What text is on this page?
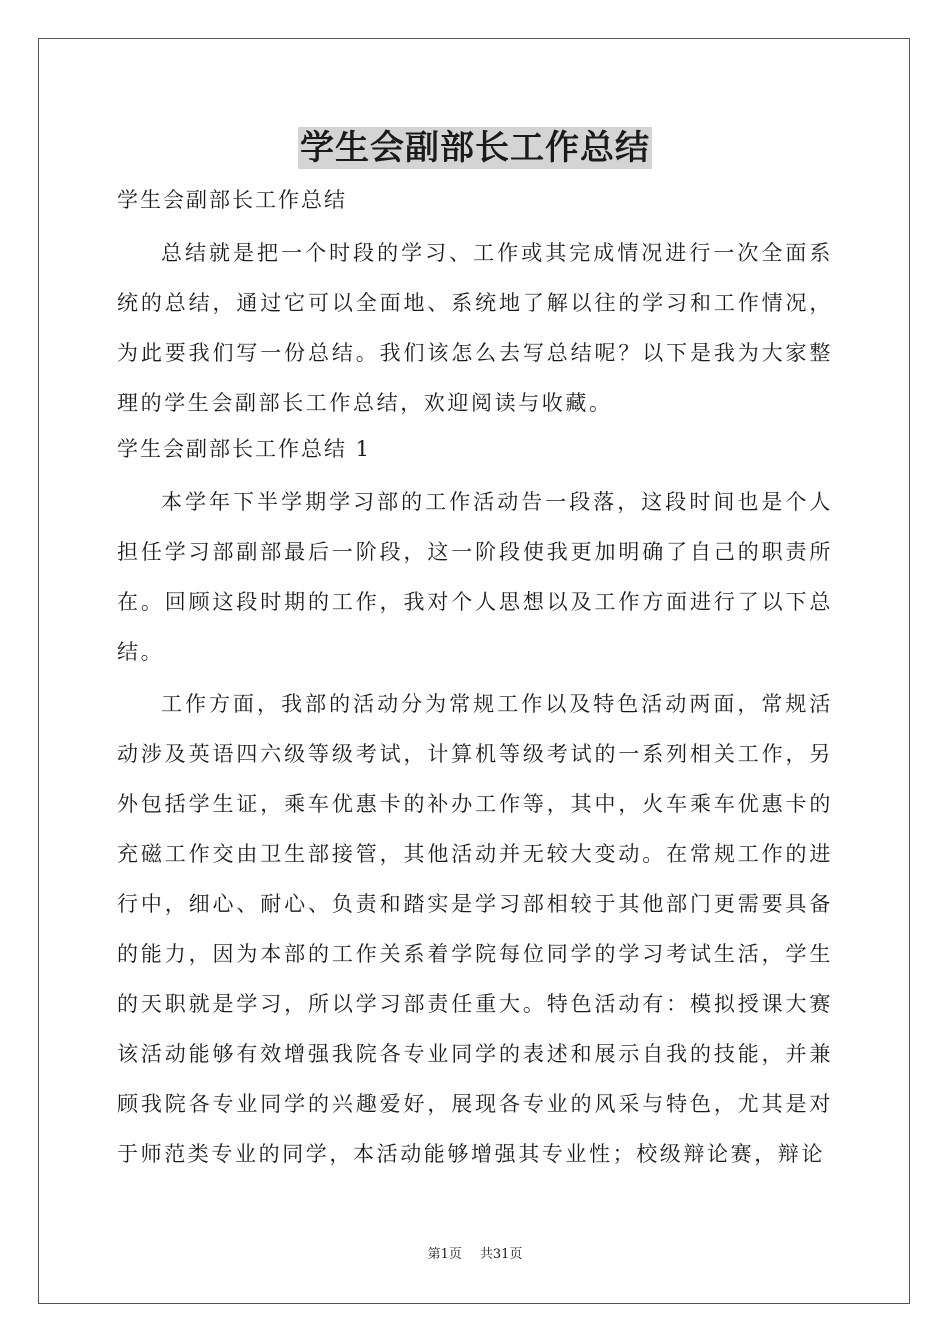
学生会副部长工作总结
学生会副部长工作总结

总结就是把一个时段的学习、工作或其完成情况进行一次全面系统的总结，通过它可以全面地、系统地了解以往的学习和工作情况，为此要我们写一份总结。我们该怎么去写总结呢？以下是我为大家整理的学生会副部长工作总结，欢迎阅读与收藏。

学生会副部长工作总结 1

本学年下半学期学习部的工作活动告一段落，这段时间也是个人担任学习部副部最后一阶段，这一阶段使我更加明确了自己的职责所在。回顾这段时期的工作，我对个人思想以及工作方面进行了以下总结。

工作方面，我部的活动分为常规工作以及特色活动两面，常规活动涉及英语四六级等级考试，计算机等级考试的一系列相关工作，另外包括学生证，乘车优惠卡的补办工作等，其中，火车乘车优惠卡的充磁工作交由卫生部接管，其他活动并无较大变动。在常规工作的进行中，细心、耐心、负责和踏实是学习部相较于其他部门更需要具备的能力，因为本部的工作关系着学院每位同学的学习考试生活，学生的天职就是学习，所以学习部责任重大。特色活动有：模拟授课大赛该活动能够有效增强我院各专业同学的表述和展示自我的技能，并兼顾我院各专业同学的兴趣爱好，展现各专业的风采与特色，尤其是对于师范类专业的同学，本活动能够增强其专业性；校级辩论赛，辩论

第1页 共31页
